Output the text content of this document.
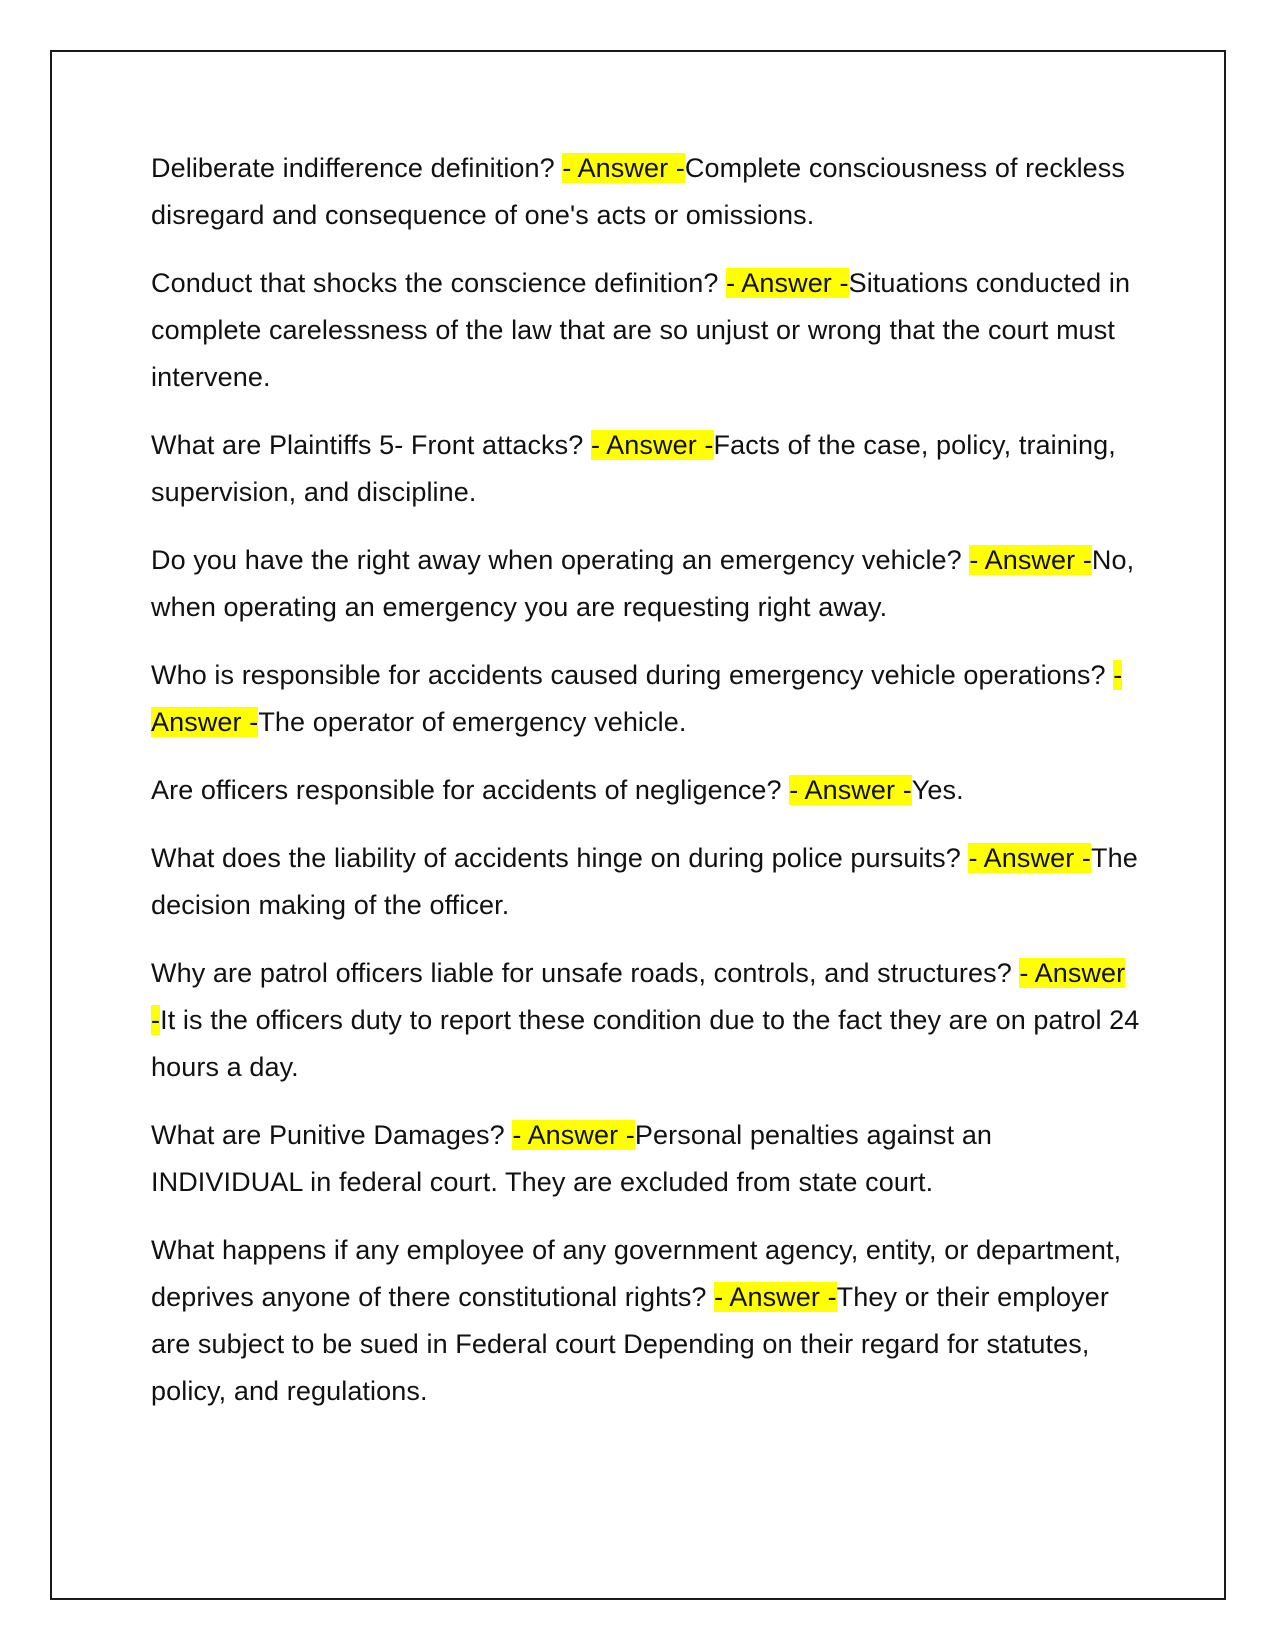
Deliberate indifference definition? - Answer -Complete consciousness of reckless disregard and consequence of one's acts or omissions.

Conduct that shocks the conscience definition? - Answer -Situations conducted in complete carelessness of the law that are so unjust or wrong that the court must intervene.

What are Plaintiffs 5- Front attacks? - Answer -Facts of the case, policy, training, supervision, and discipline.

Do you have the right away when operating an emergency vehicle? - Answer -No, when operating an emergency you are requesting right away.

Who is responsible for accidents caused during emergency vehicle operations? - Answer -The operator of emergency vehicle.

Are officers responsible for accidents of negligence? - Answer -Yes.

What does the liability of accidents hinge on during police pursuits? - Answer -The decision making of the officer.

Why are patrol officers liable for unsafe roads, controls, and structures? - Answer -It is the officers duty to report these condition due to the fact they are on patrol 24 hours a day.

What are Punitive Damages? - Answer -Personal penalties against an INDIVIDUAL in federal court. They are excluded from state court.

What happens if any employee of any government agency, entity, or department, deprives anyone of there constitutional rights? - Answer -They or their employer are subject to be sued in Federal court Depending on their regard for statutes, policy, and regulations.
